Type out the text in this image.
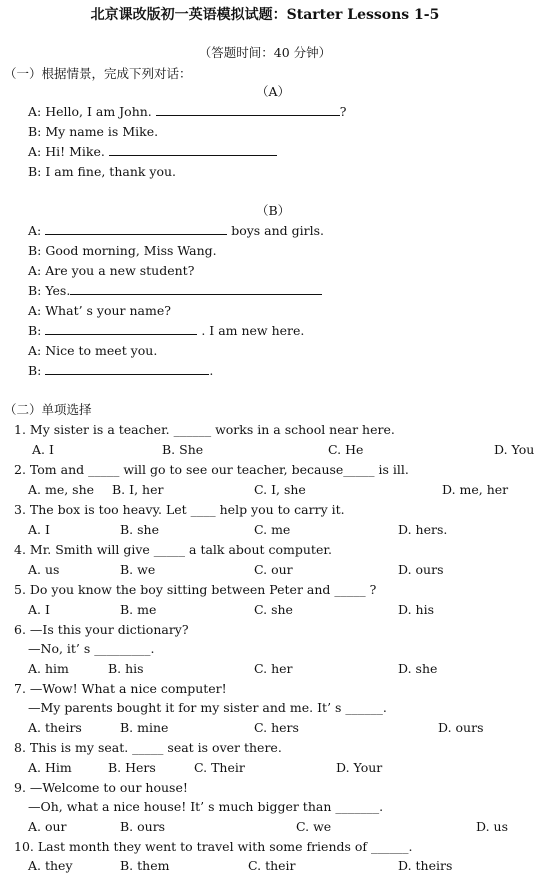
北京课改版初一英语模拟试题：Starter Lessons 1-5
（答题时间：40 分钟）
（一）根据情景，完成下列对话：
（A）
A: Hello, I am John.	?
B: My name is Mike.
A: Hi! Mike.
B: I am fine, thank you.
（B）
A:	boys and girls.
B: Good morning, Miss Wang.
A: Are you a new student?
B: Yes.
A: What’ s your name?
B:	. I am new here.
A: Nice to meet you.
B:	.
（二）单项选择
1. My sister is a teacher. ______ works in a school near here.
A. I	B. She	C. He	D. You
2. Tom and _____ will go to see our teacher, because_____ is ill.
A. me, she B. I, her	C. I, she	D. me, her
3. The box is too heavy. Let ____ help you to carry it.
A. I	B. she	C. me	D. hers.
4. Mr. Smith will give _____ a talk about computer.
A. us	B. we	C. our	D. ours
5. Do you know the boy sitting between Peter and _____ ?
A. I	B. me	C. she	D. his
6. —Is this your dictionary?
—No, it’ s _________.
A. him	B. his	C. her	D. she
7. —Wow! What a nice computer!
—My parents bought it for my sister and me. It’ s ______.
A. theirs	B. mine	C. hers	D. ours
8. This is my seat. _____ seat is over there.
A. Him	B. Hers	C. Their	D. Your
9. —Welcome to our house!
—Oh, what a nice house! It’ s much bigger than _______.
A. our	B. ours	C. we	D. us
10. Last month they went to travel with some friends of ______.
A. they	B. them	C. their	D. theirs
